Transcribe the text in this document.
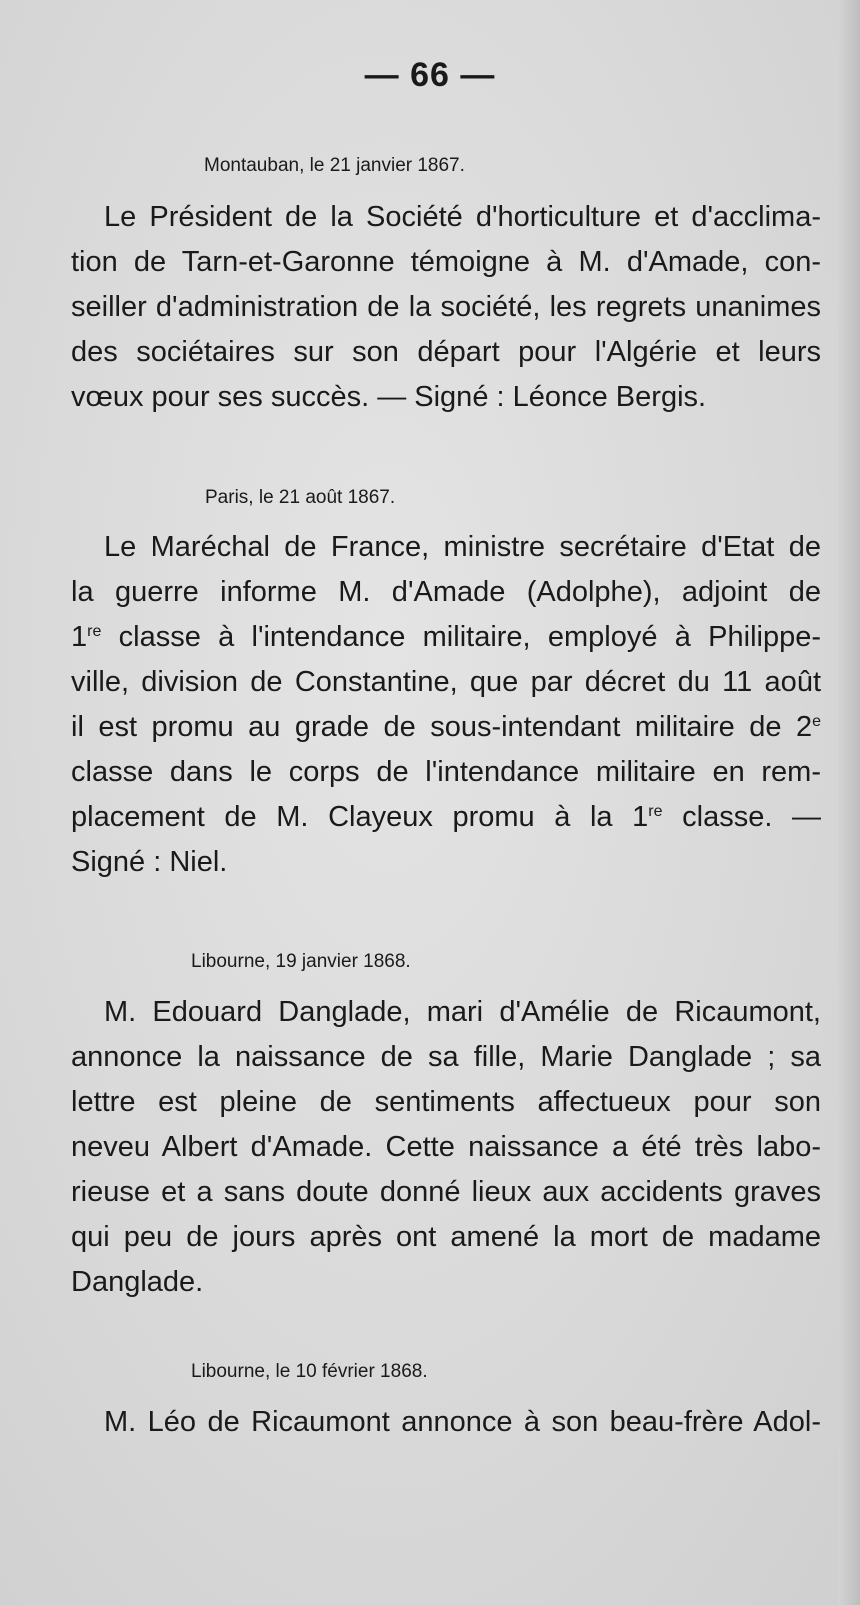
— 66 —

Montauban, le 21 janvier 1867.

Le Président de la Société d'horticulture et d'acclima-
tion de Tarn-et-Garonne témoigne à M. d'Amade, con-
seiller d'administration de la société, les regrets unanimes
des sociétaires sur son départ pour l'Algérie et leurs
vœux pour ses succès. — Signé : Léonce Bergis.

Paris, le 21 août 1867.

Le Maréchal de France, ministre secrétaire d'Etat de
la guerre informe M. d'Amade (Adolphe), adjoint de
1re classe à l'intendance militaire, employé à Philippe-
ville, division de Constantine, que par décret du 11 août
il est promu au grade de sous-intendant militaire de 2e
classe dans le corps de l'intendance militaire en rem-
placement de M. Clayeux promu à la 1re classe. —
Signé : Niel.

Libourne, 19 janvier 1868.

M. Edouard Danglade, mari d'Amélie de Ricaumont,
annonce la naissance de sa fille, Marie Danglade ; sa
lettre est pleine de sentiments affectueux pour son
neveu Albert d'Amade. Cette naissance a été très labo-
rieuse et a sans doute donné lieux aux accidents graves
qui peu de jours après ont amené la mort de madame
Danglade.

Libourne, le 10 février 1868.

M. Léo de Ricaumont annonce à son beau-frère Adol-
